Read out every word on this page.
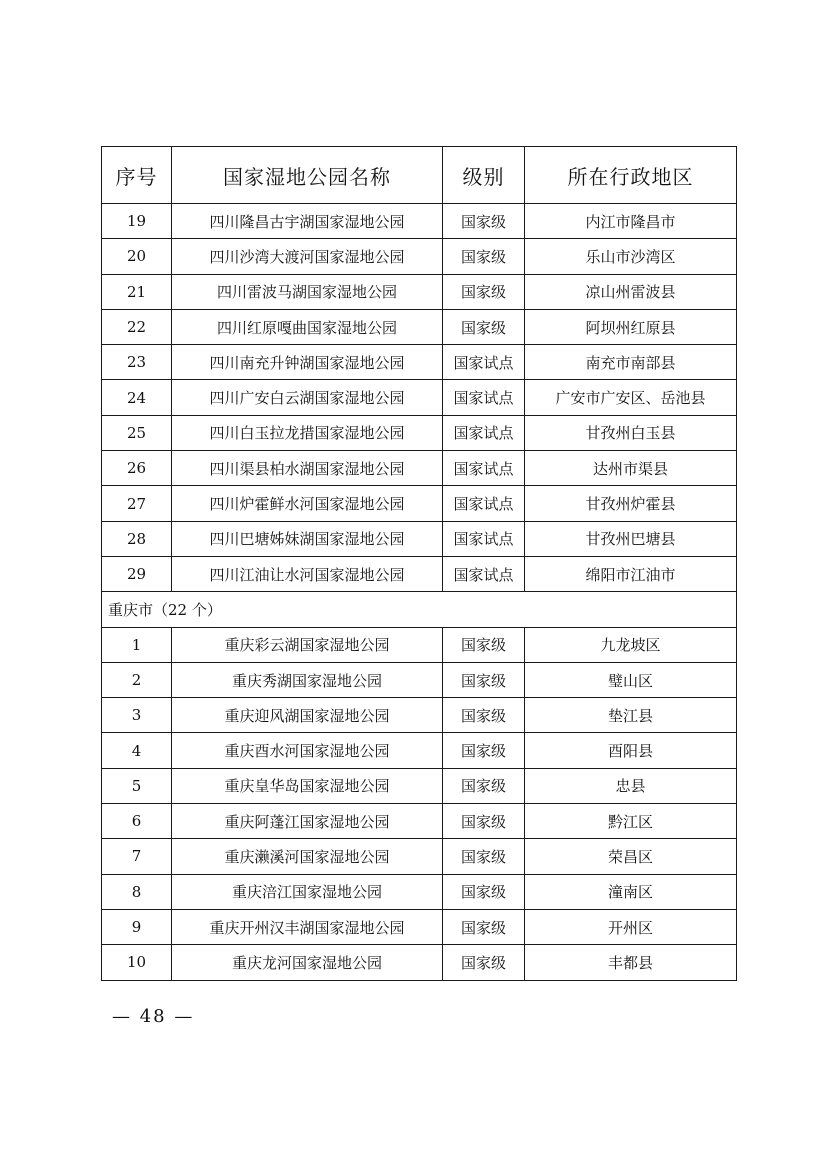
序号	国家湿地公园名称	级别	所在行政地区
19	四川隆昌古宇湖国家湿地公园	国家级	内江市隆昌市
20	四川沙湾大渡河国家湿地公园	国家级	乐山市沙湾区
21	四川雷波马湖国家湿地公园	国家级	凉山州雷波县
22	四川红原嘎曲国家湿地公园	国家级	阿坝州红原县
23	四川南充升钟湖国家湿地公园	国家试点	南充市南部县
24	四川广安白云湖国家湿地公园	国家试点	广安市广安区、岳池县
25	四川白玉拉龙措国家湿地公园	国家试点	甘孜州白玉县
26	四川渠县柏水湖国家湿地公园	国家试点	达州市渠县
27	四川炉霍鲜水河国家湿地公园	国家试点	甘孜州炉霍县
28	四川巴塘姊妹湖国家湿地公园	国家试点	甘孜州巴塘县
29	四川江油让水河国家湿地公园	国家试点	绵阳市江油市
重庆市（22 个）			
1	重庆彩云湖国家湿地公园	国家级	九龙坡区
2	重庆秀湖国家湿地公园	国家级	璧山区
3	重庆迎风湖国家湿地公园	国家级	垫江县
4	重庆酉水河国家湿地公园	国家级	酉阳县
5	重庆皇华岛国家湿地公园	国家级	忠县
6	重庆阿蓬江国家湿地公园	国家级	黔江区
7	重庆濑溪河国家湿地公园	国家级	荣昌区
8	重庆涪江国家湿地公园	国家级	潼南区
9	重庆开州汉丰湖国家湿地公园	国家级	开州区
10	重庆龙河国家湿地公园	国家级	丰都县
— 48 —
